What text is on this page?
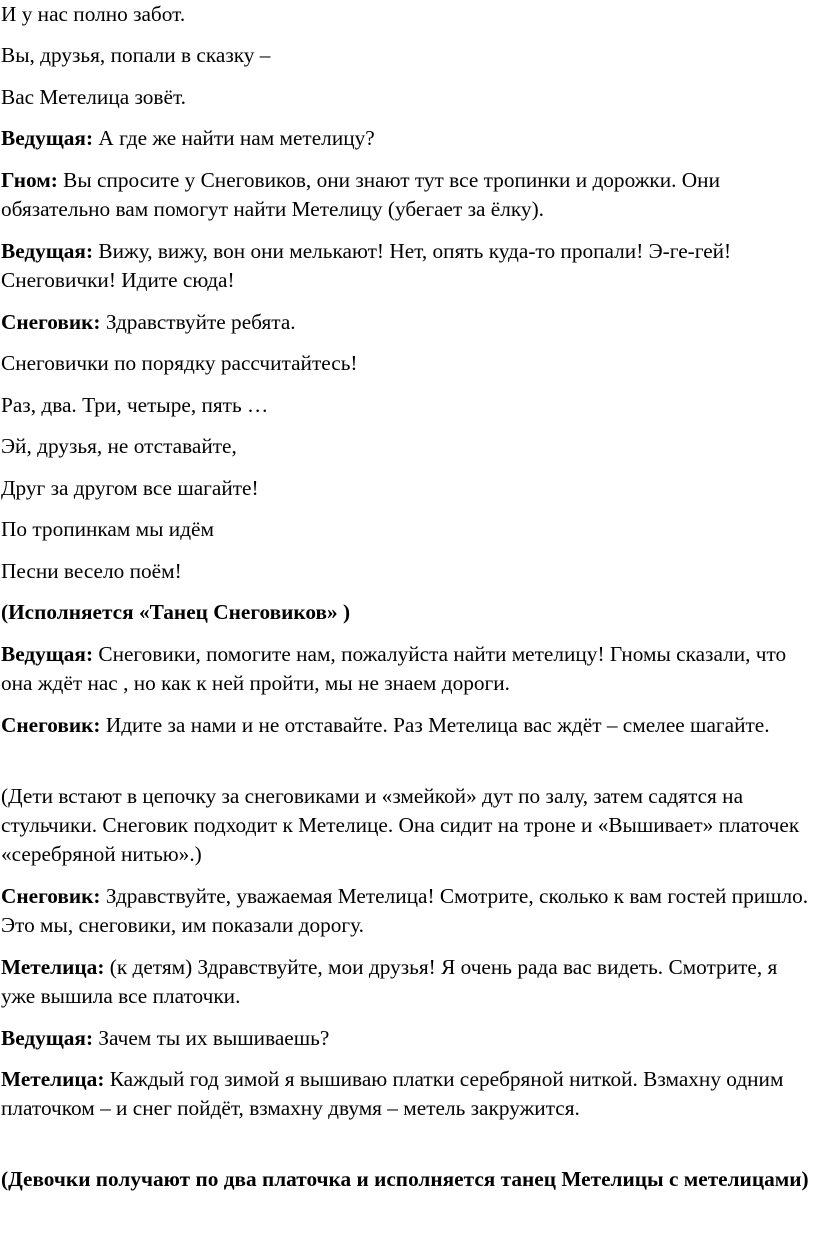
И у нас полно забот.

Вы, друзья, попали в сказку –

Вас Метелица зовёт.

Ведущая: А где же найти нам метелицу?

Гном: Вы спросите у Снеговиков, они знают тут все тропинки и дорожки. Они обязательно вам помогут найти Метелицу (убегает за ёлку).

Ведущая: Вижу, вижу, вон они мелькают! Нет, опять куда-то пропали! Э-ге-гей! Снеговички! Идите сюда!

Снеговик: Здравствуйте ребята.

Снеговички по порядку рассчитайтесь!

Раз, два. Три, четыре, пять …

Эй, друзья, не отставайте,

Друг за другом все шагайте!

По тропинкам мы идём

Песни весело поём!

(Исполняется «Танец Снеговиков» )

Ведущая: Снеговики, помогите нам, пожалуйста найти метелицу! Гномы сказали, что она ждёт нас , но как к ней пройти, мы не знаем дороги.

Снеговик: Идите за нами и не отставайте. Раз Метелица вас ждёт – смелее шагайте.

(Дети встают в цепочку за снеговиками и «змейкой» дут по залу, затем садятся на стульчики. Снеговик подходит к Метелице. Она сидит на троне и «Вышивает» платочек «серебряной нитью».)

Снеговик: Здравствуйте, уважаемая Метелица! Смотрите, сколько к вам гостей пришло. Это мы, снеговики, им показали дорогу.

Метелица: (к детям) Здравствуйте, мои друзья! Я очень рада вас видеть. Смотрите, я уже вышила все платочки.

Ведущая: Зачем ты их вышиваешь?

Метелица: Каждый год зимой я вышиваю платки серебряной ниткой. Взмахну одним платочком – и снег пойдёт, взмахну двумя – метель закружится.

(Девочки получают по два платочка и исполняется танец Метелицы с метелицами)
